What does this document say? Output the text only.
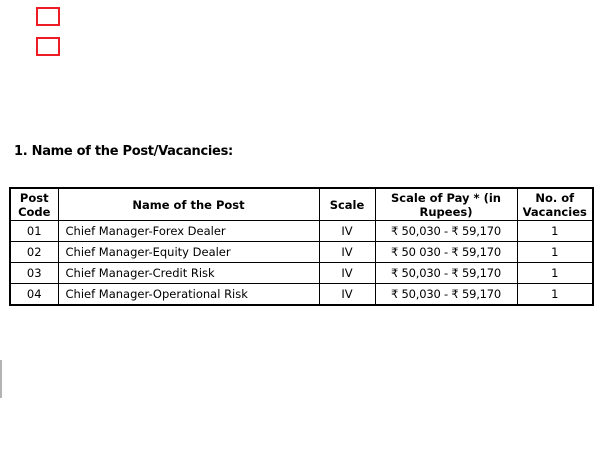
1. Name of the Post/Vacancies:
Post Code	Name of the Post	Scale	Scale of Pay * (in Rupees)	No. of Vacancies
01	Chief Manager-Forex Dealer	IV	₹ 50,030 - ₹ 59,170	1
02	Chief Manager-Equity Dealer	IV	₹ 50 030 - ₹ 59,170	1
03	Chief Manager-Credit Risk	IV	₹ 50,030 - ₹ 59,170	1
04	Chief Manager-Operational Risk	IV	₹ 50,030 - ₹ 59,170	1
